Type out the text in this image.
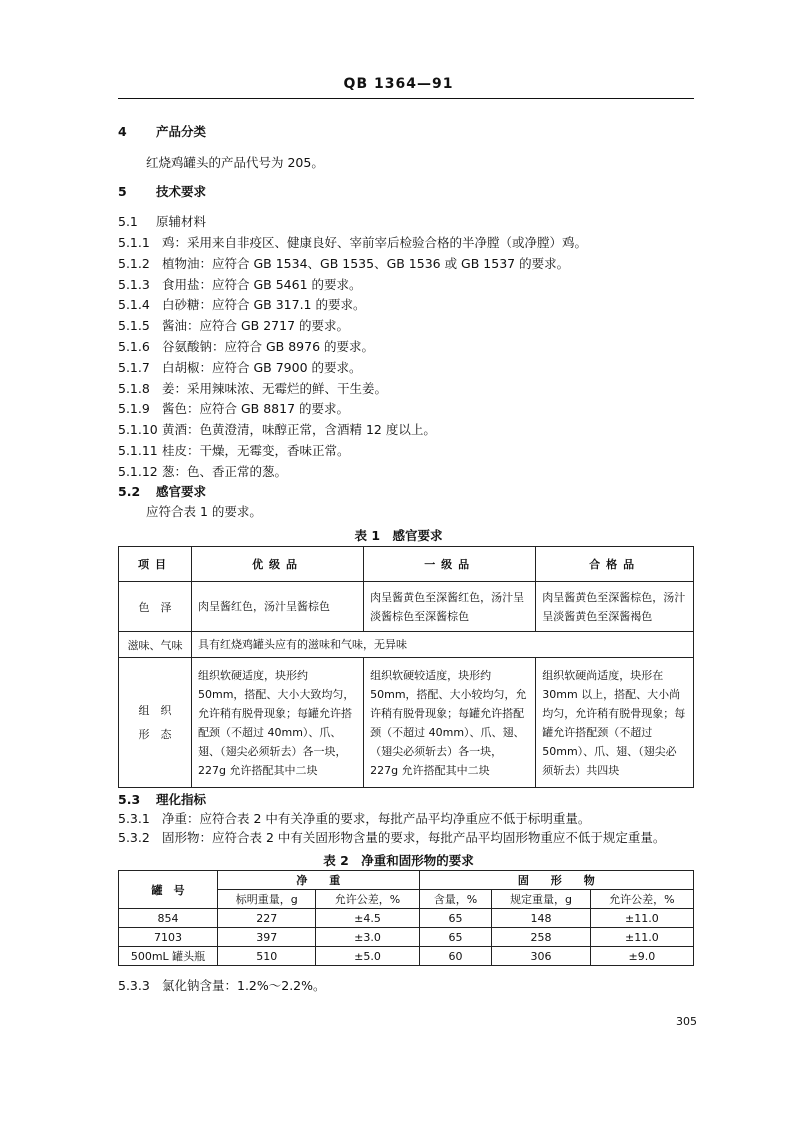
QB 1364—91
4 产品分类
红烧鸡罐头的产品代号为 205。
5 技术要求
5.1 原辅材料
5.1.1 鸡：采用来自非疫区、健康良好、宰前宰后检验合格的半净膛（或净膛）鸡。
5.1.2 植物油：应符合 GB 1534、GB 1535、GB 1536 或 GB 1537 的要求。
5.1.3 食用盐：应符合 GB 5461 的要求。
5.1.4 白砂糖：应符合 GB 317.1 的要求。
5.1.5 酱油：应符合 GB 2717 的要求。
5.1.6 谷氨酸钠：应符合 GB 8976 的要求。
5.1.7 白胡椒：应符合 GB 7900 的要求。
5.1.8 姜：采用辣味浓、无霉烂的鲜、干生姜。
5.1.9 酱色：应符合 GB 8817 的要求。
5.1.10 黄酒：色黄澄清，味醇正常，含酒精 12 度以上。
5.1.11 桂皮：干燥，无霉变，香味正常。
5.1.12 葱：色、香正常的葱。
5.2 感官要求
应符合表 1 的要求。
表 1　感官要求
项目	优级品	一级品	合格品
色　泽	肉呈酱红色，汤汁呈酱棕色	肉呈酱黄色至深酱红色，汤汁呈淡酱棕色至深酱棕色	肉呈酱黄色至深酱棕色，汤汁呈淡酱黄色至深酱褐色
滋味、气味	具有红烧鸡罐头应有的滋味和气味，无异味		
组　织
形　态	组织软硬适度，块形约 50mm，搭配、大小大致均匀，允许稍有脱骨现象；每罐允许搭配颈（不超过 40mm）、爪、翅、（翅尖必须斩去）各一块，227g 允许搭配其中二块	组织软硬较适度，块形约 50mm，搭配、大小较均匀，允许稍有脱骨现象；每罐允许搭配颈（不超过 40mm）、爪、翅、（翅尖必须斩去）各一块，227g 允许搭配其中二块	组织软硬尚适度，块形在 30mm 以上，搭配、大小尚均匀，允许稍有脱骨现象；每罐允许搭配颈（不超过 50mm）、爪、翅、（翅尖必须斩去）共四块
5.3 理化指标
5.3.1 净重：应符合表 2 中有关净重的要求，每批产品平均净重应不低于标明重量。
5.3.2 固形物：应符合表 2 中有关固形物含量的要求，每批产品平均固形物重应不低于规定重量。
表 2　净重和固形物的要求
罐　号	净　　重		固　　形　　物		
	标明重量，g	允许公差，%	含量，%	规定重量，g	允许公差，%
854	227	±4.5	65	148	±11.0
7103	397	±3.0	65	258	±11.0
500mL 罐头瓶	510	±5.0	60	306	±9.0
5.3.3 氯化钠含量：1.2%～2.2%。
305
